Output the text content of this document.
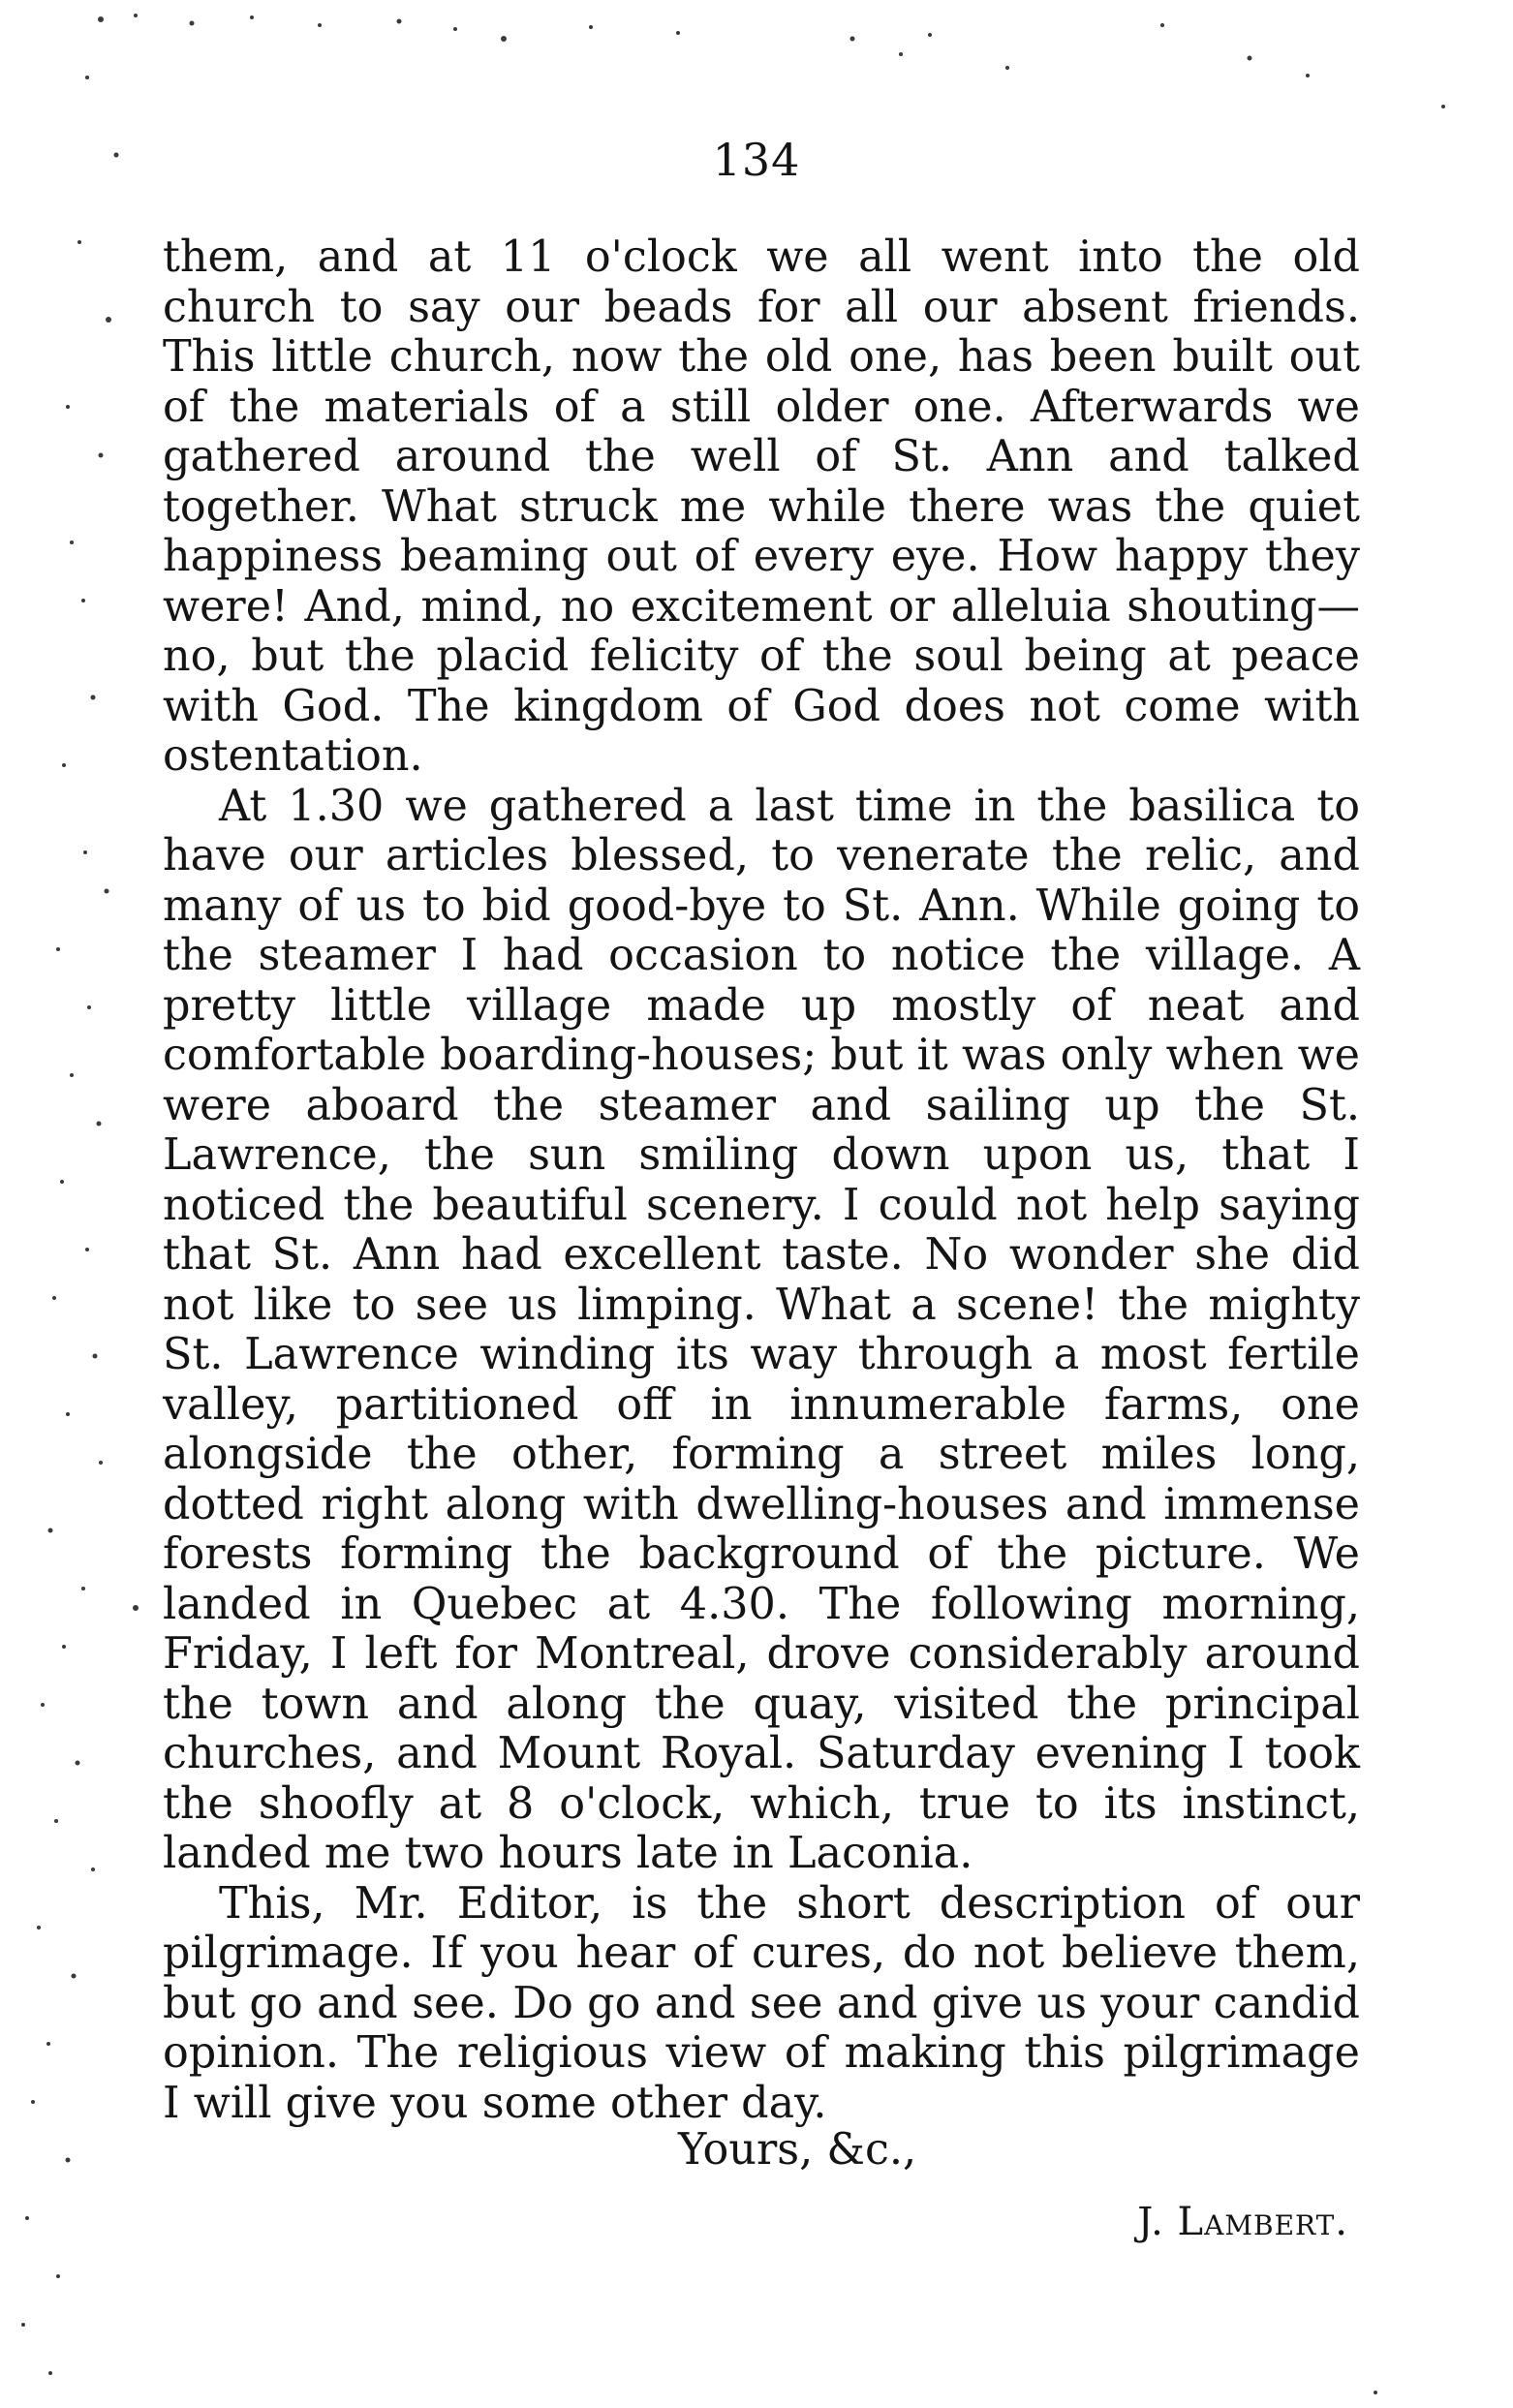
134

them, and at 11 o'clock we all went into the old church to say our beads for all our absent friends. This little church, now the old one, has been built out of the materials of a still older one. Afterwards we gathered around the well of St. Ann and talked together. What struck me while there was the quiet happiness beaming out of every eye. How happy they were! And, mind, no excitement or alleluia shouting—no, but the placid felicity of the soul being at peace with God. The kingdom of God does not come with ostentation.

At 1.30 we gathered a last time in the basilica to have our articles blessed, to venerate the relic, and many of us to bid good-bye to St. Ann. While going to the steamer I had occasion to notice the village. A pretty little village made up mostly of neat and comfortable boarding-houses; but it was only when we were aboard the steamer and sailing up the St. Lawrence, the sun smiling down upon us, that I noticed the beautiful scenery. I could not help saying that St. Ann had excellent taste. No wonder she did not like to see us limping. What a scene! the mighty St. Lawrence winding its way through a most fertile valley, partitioned off in innumerable farms, one alongside the other, forming a street miles long, dotted right along with dwelling-houses and immense forests forming the background of the picture. We landed in Quebec at 4.30. The following morning, Friday, I left for Montreal, drove considerably around the town and along the quay, visited the principal churches, and Mount Royal. Saturday evening I took the shoofly at 8 o'clock, which, true to its instinct, landed me two hours late in Laconia.

This, Mr. Editor, is the short description of our pilgrimage. If you hear of cures, do not believe them, but go and see. Do go and see and give us your candid opinion. The religious view of making this pilgrimage I will give you some other day.

Yours, &c.,
J. Lambert.
